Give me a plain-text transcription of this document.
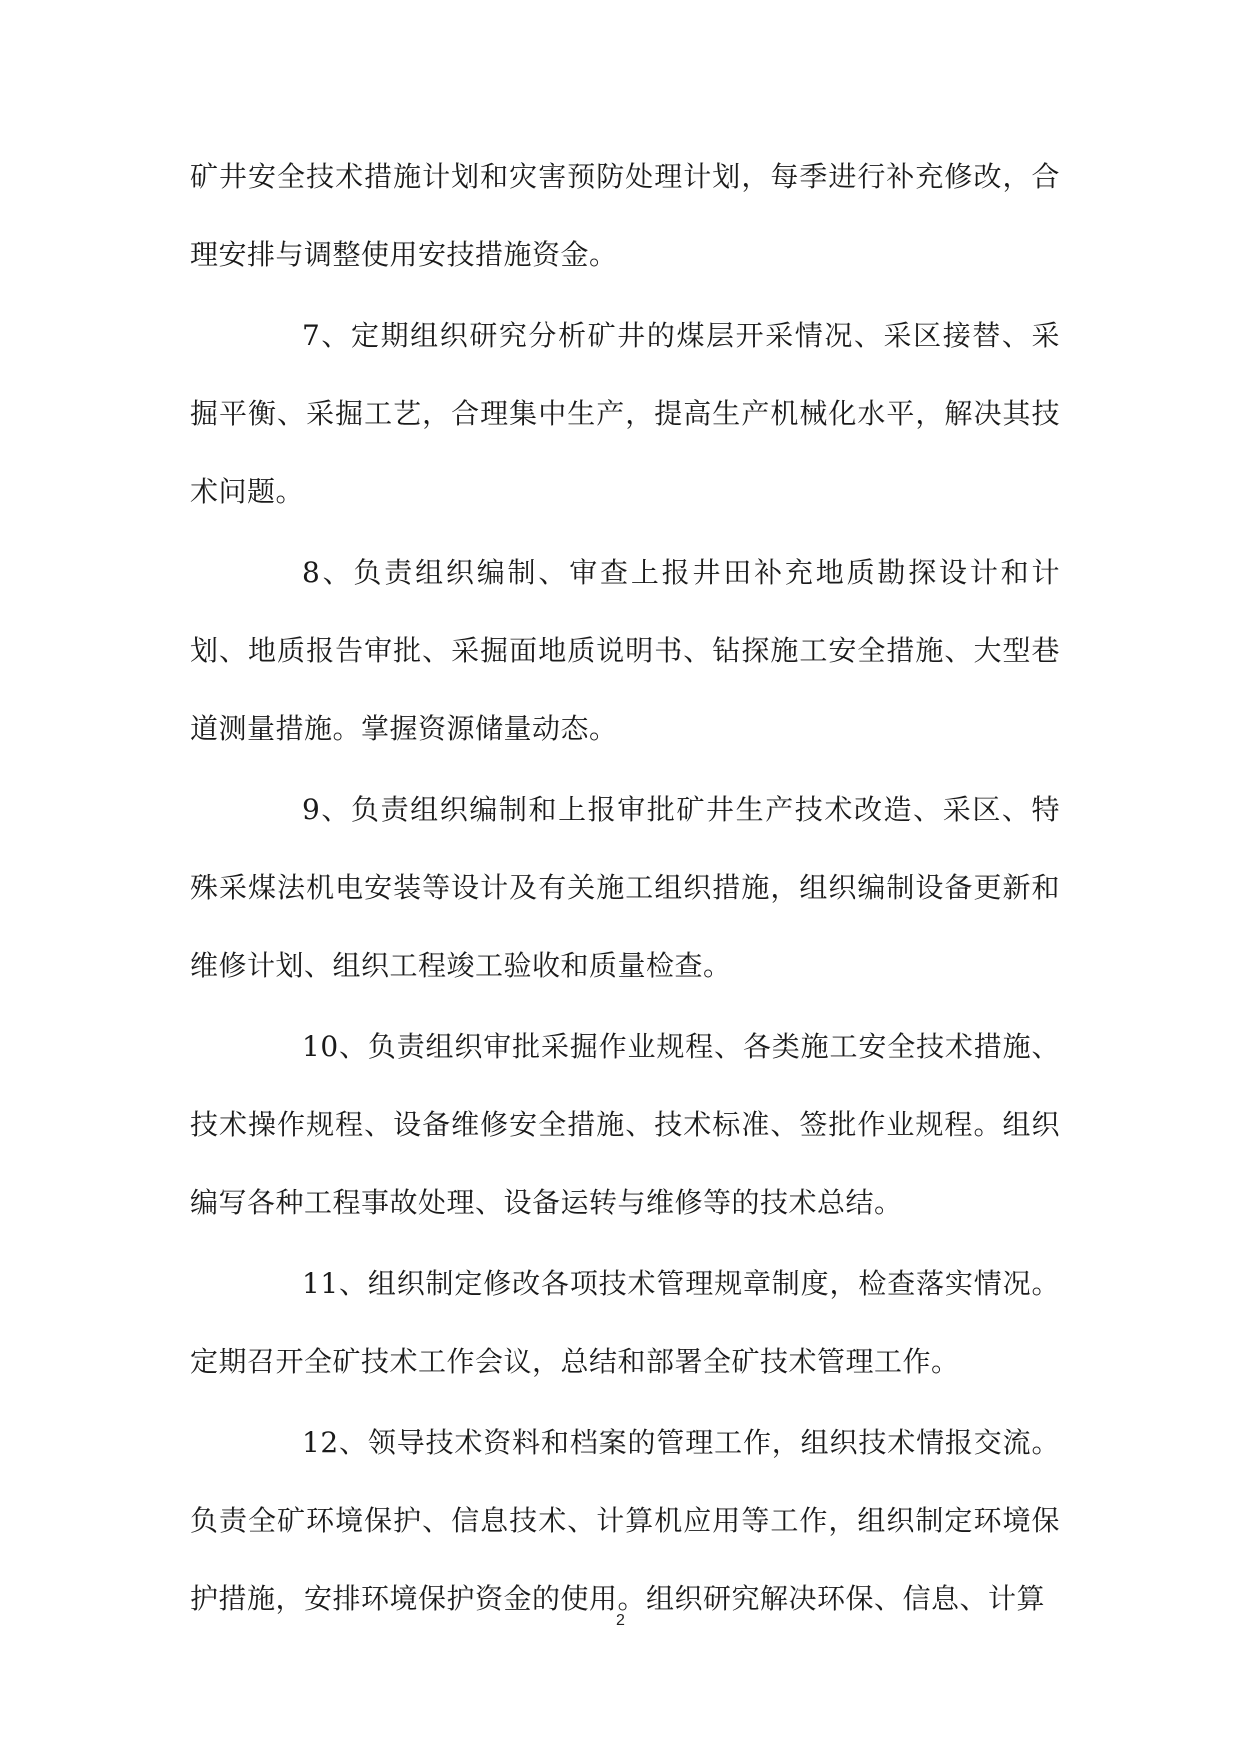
矿井安全技术措施计划和灾害预防处理计划，每季进行补充修改，合理安排与调整使用安技措施资金。

7、定期组织研究分析矿井的煤层开采情况、采区接替、采掘平衡、采掘工艺，合理集中生产，提高生产机械化水平，解决其技术问题。

8、负责组织编制、审查上报井田补充地质勘探设计和计划、地质报告审批、采掘面地质说明书、钻探施工安全措施、大型巷道测量措施。掌握资源储量动态。

9、负责组织编制和上报审批矿井生产技术改造、采区、特殊采煤法机电安装等设计及有关施工组织措施，组织编制设备更新和维修计划、组织工程竣工验收和质量检查。

10、负责组织审批采掘作业规程、各类施工安全技术措施、技术操作规程、设备维修安全措施、技术标准、签批作业规程。组织编写各种工程事故处理、设备运转与维修等的技术总结。

11、组织制定修改各项技术管理规章制度，检查落实情况。定期召开全矿技术工作会议，总结和部署全矿技术管理工作。

12、领导技术资料和档案的管理工作，组织技术情报交流。负责全矿环境保护、信息技术、计算机应用等工作，组织制定环境保护措施，安排环境保护资金的使用。组织研究解决环保、信息、计算

2
